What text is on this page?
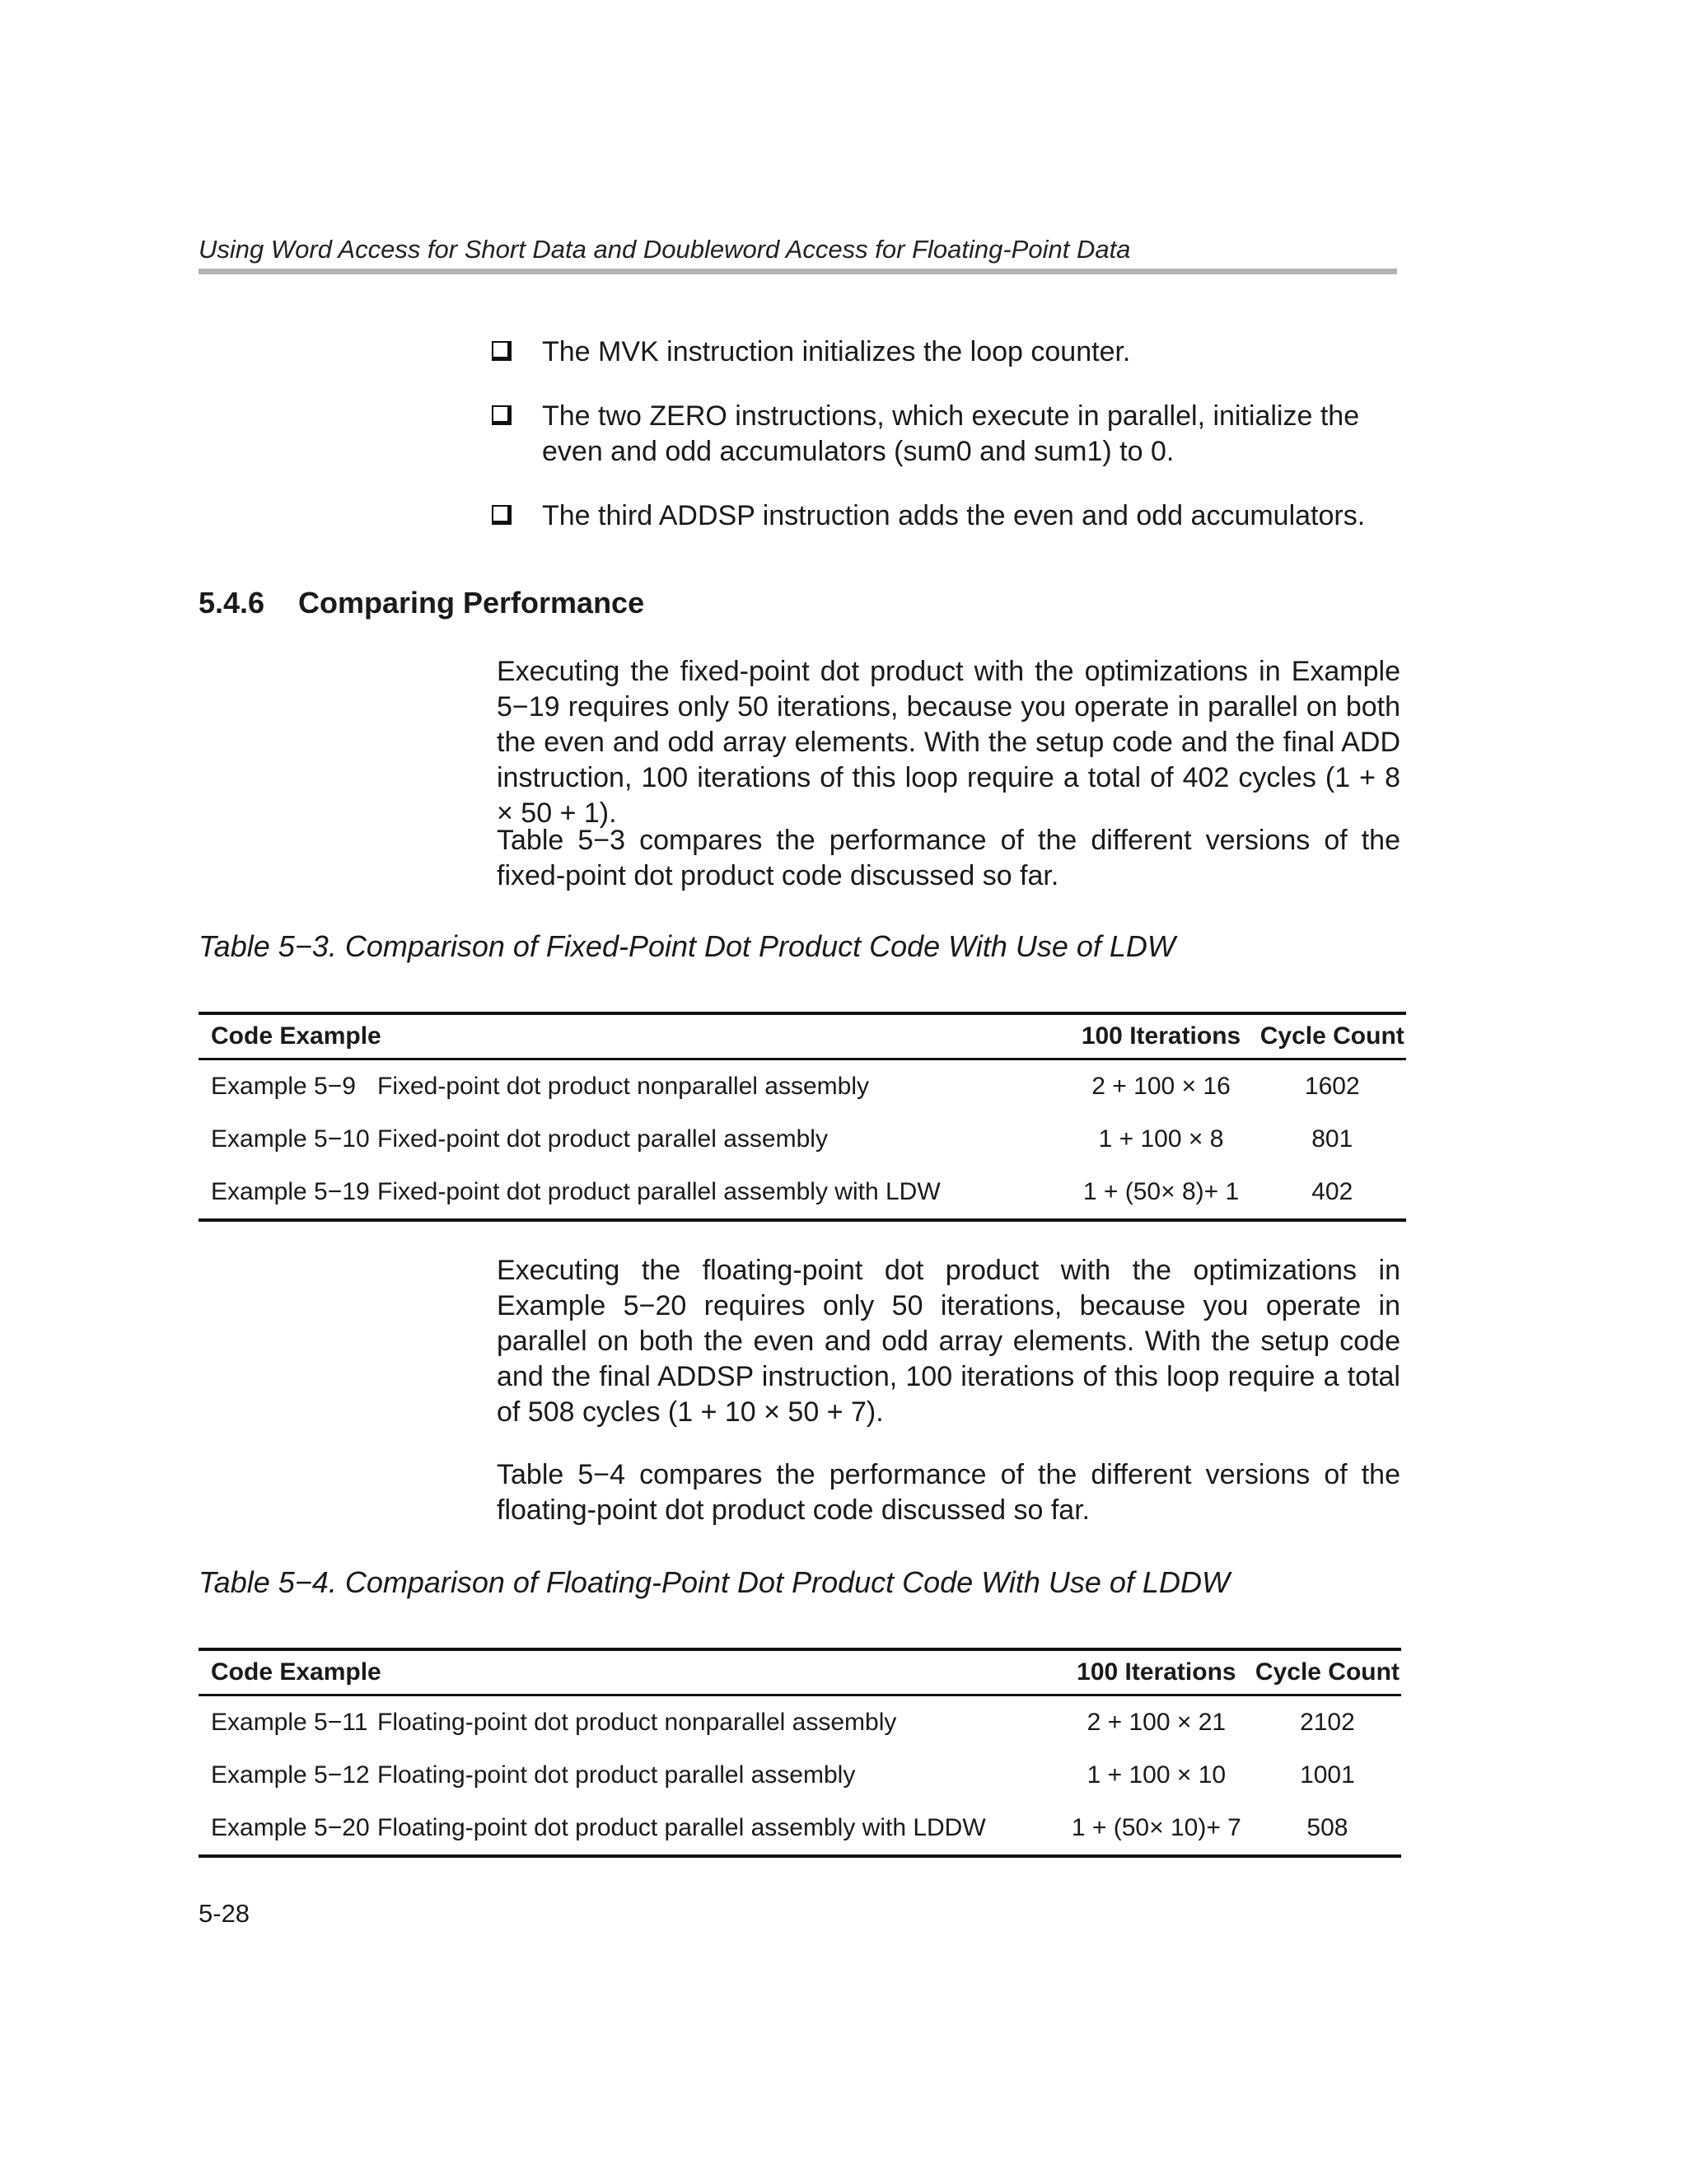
Using Word Access for Short Data and Doubleword Access for Floating-Point Data
The MVK instruction initializes the loop counter.
The two ZERO instructions, which execute in parallel, initialize the even and odd accumulators (sum0 and sum1) to 0.
The third ADDSP instruction adds the even and odd accumulators.
5.4.6 Comparing Performance

Executing the fixed-point dot product with the optimizations in Example 5−19 requires only 50 iterations, because you operate in parallel on both the even and odd array elements. With the setup code and the final ADD instruction, 100 iterations of this loop require a total of 402 cycles (1 + 8 × 50 + 1).

Table 5−3 compares the performance of the different versions of the fixed-point dot product code discussed so far.

Table 5−3. Comparison of Fixed-Point Dot Product Code With Use of LDW
Code Example		100 Iterations	Cycle Count
Example 5−9	Fixed-point dot product nonparallel assembly	2 + 100 × 16	1602
Example 5−10	Fixed-point dot product parallel assembly	1 + 100 × 8	801
Example 5−19	Fixed-point dot product parallel assembly with LDW	1 + (50× 8)+ 1	402

Executing the floating-point dot product with the optimizations in Example 5−20 requires only 50 iterations, because you operate in parallel on both the even and odd array elements. With the setup code and the final ADDSP instruction, 100 iterations of this loop require a total of 508 cycles (1 + 10 × 50 + 7).

Table 5−4 compares the performance of the different versions of the floating-point dot product code discussed so far.

Table 5−4. Comparison of Floating-Point Dot Product Code With Use of LDDW
Code Example		100 Iterations	Cycle Count
Example 5−11	Floating-point dot product nonparallel assembly	2 + 100 × 21	2102
Example 5−12	Floating-point dot product parallel assembly	1 + 100 × 10	1001
Example 5−20	Floating-point dot product parallel assembly with LDDW	1 + (50× 10)+ 7	508
5-28
